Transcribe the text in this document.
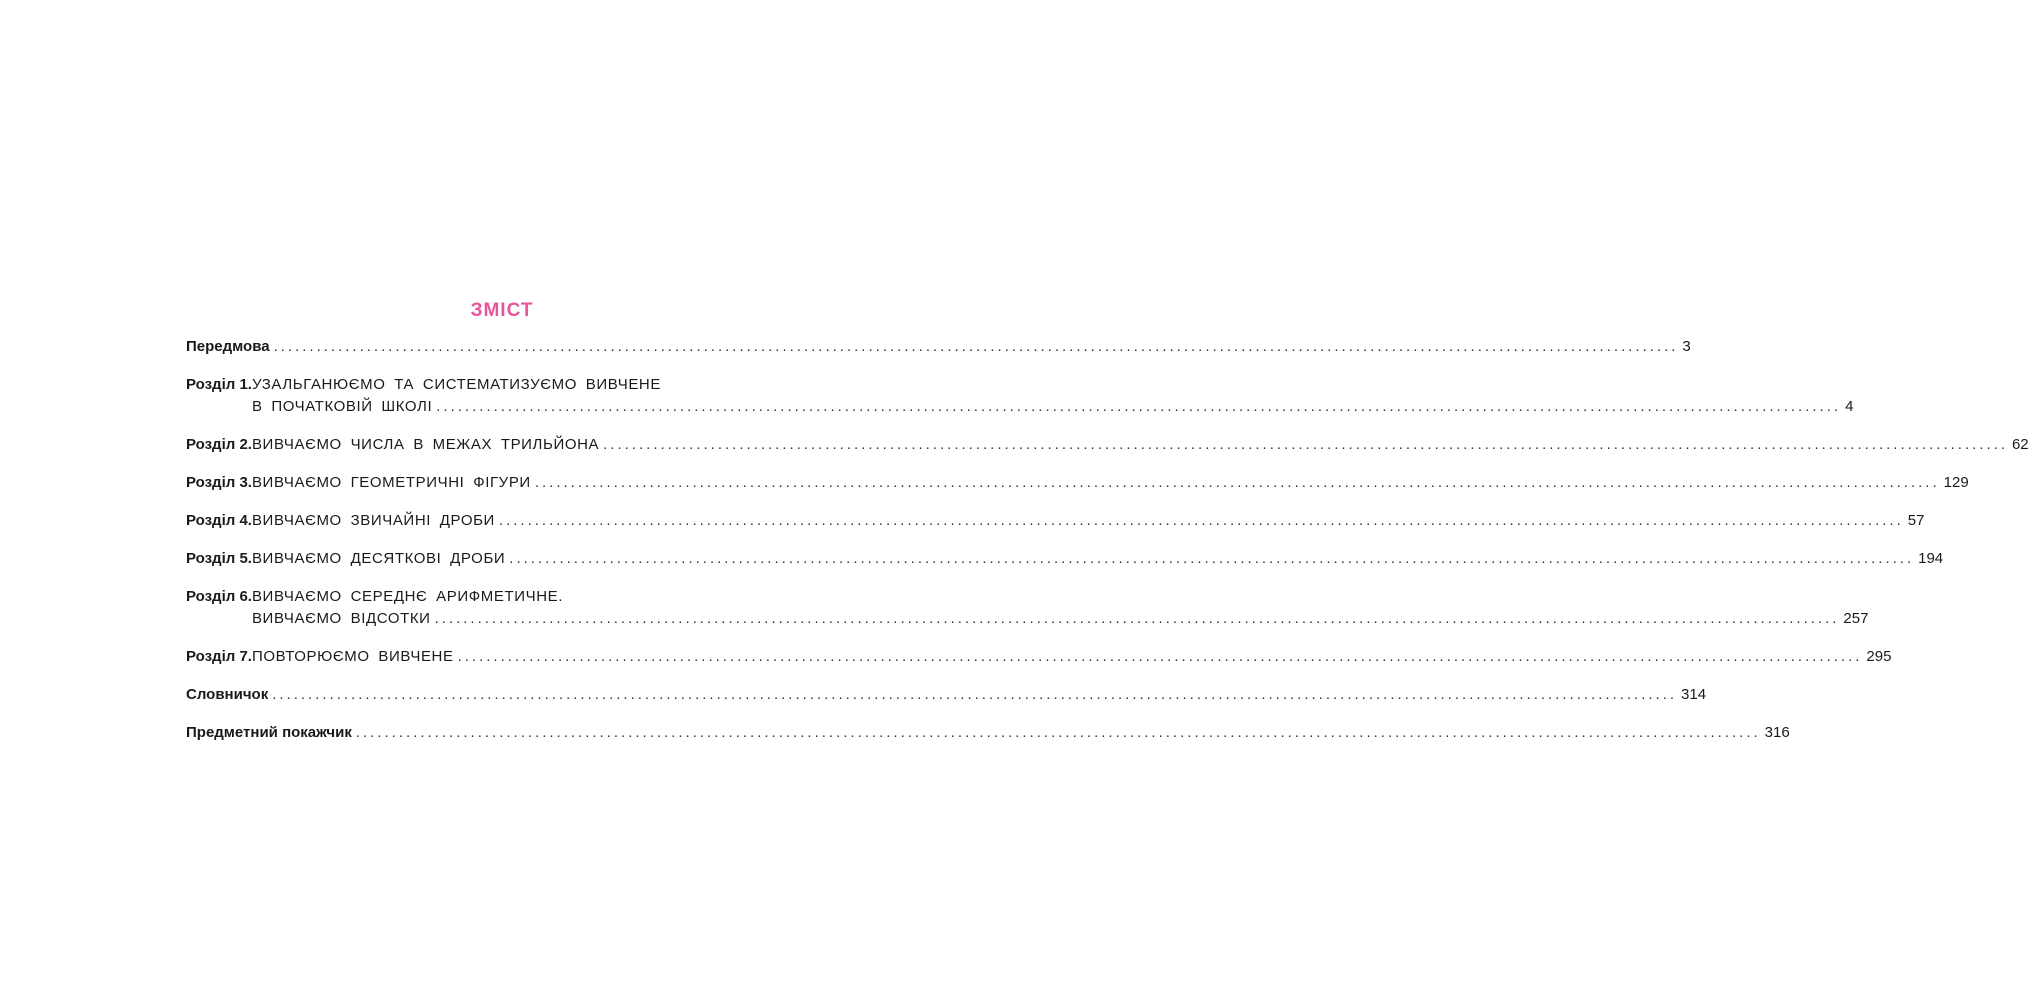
ЗМІСТ
Передмова .....	3
Розділ 1. УЗАЛЬГАНЮЄМО ТА СИСТЕМАТИЗУЄМО ВИВЧЕНЕ
В ПОЧАТКОВІЙ ШКОЛІ .....	4
Розділ 2. ВИВЧАЄМО ЧИСЛА В МЕЖАХ ТРИЛЬЙОНА .....	62
Розділ 3. ВИВЧАЄМО ГЕОМЕТРИЧНІ ФІГУРИ .....	129
Розділ 4. ВИВЧАЄМО ЗВИЧАЙНІ ДРОБИ .....	57
Розділ 5. ВИВЧАЄМО ДЕСЯТКОВІ ДРОБИ .....	194
Розділ 6. ВИВЧАЄМО СЕРЕДНЄ АРИФМЕТИЧНЕ.
ВИВЧАЄМО ВІДСОТКИ .....	257
Розділ 7. ПОВТОРЮЄМО ВИВЧЕНЕ .....	295
Словничок .....	314
Предметний покажчик .....	316
